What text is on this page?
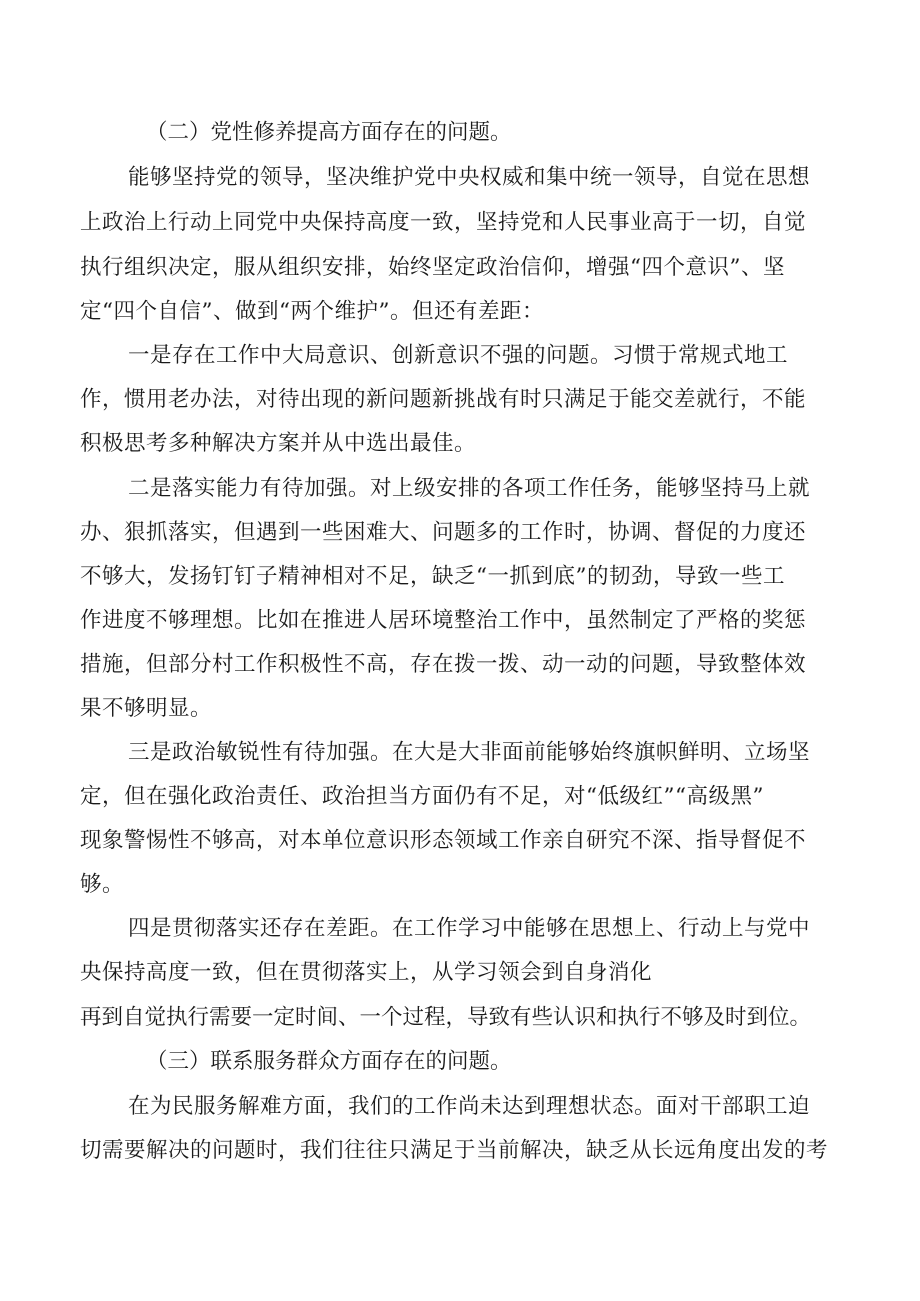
（二）党性修养提高方面存在的问题。
能够坚持党的领导，坚决维护党中央权威和集中统一领导，自觉在思想
上政治上行动上同党中央保持高度一致，坚持党和人民事业高于一切，自觉
执行组织决定，服从组织安排，始终坚定政治信仰，增强“四个意识”、坚
定“四个自信”、做到“两个维护”。但还有差距：
一是存在工作中大局意识、创新意识不强的问题。习惯于常规式地工
作，惯用老办法，对待出现的新问题新挑战有时只满足于能交差就行，不能
积极思考多种解决方案并从中选出最佳。
二是落实能力有待加强。对上级安排的各项工作任务，能够坚持马上就
办、狠抓落实，但遇到一些困难大、问题多的工作时，协调、督促的力度还
不够大，发扬钉钉子精神相对不足，缺乏“一抓到底”的韧劲，导致一些工
作进度不够理想。比如在推进人居环境整治工作中，虽然制定了严格的奖惩
措施，但部分村工作积极性不高，存在拨一拨、动一动的问题，导致整体效
果不够明显。
三是政治敏锐性有待加强。在大是大非面前能够始终旗帜鲜明、立场坚
定，但在强化政治责任、政治担当方面仍有不足，对“低级红”“高级黑”
现象警惕性不够高，对本单位意识形态领域工作亲自研究不深、指导督促不
够。
四是贯彻落实还存在差距。在工作学习中能够在思想上、行动上与党中
央保持高度一致，但在贯彻落实上，从学习领会到自身消化
再到自觉执行需要一定时间、一个过程，导致有些认识和执行不够及时到位。
（三）联系服务群众方面存在的问题。
在为民服务解难方面，我们的工作尚未达到理想状态。面对干部职工迫
切需要解决的问题时，我们往往只满足于当前解决，缺乏从长远角度出发的考
